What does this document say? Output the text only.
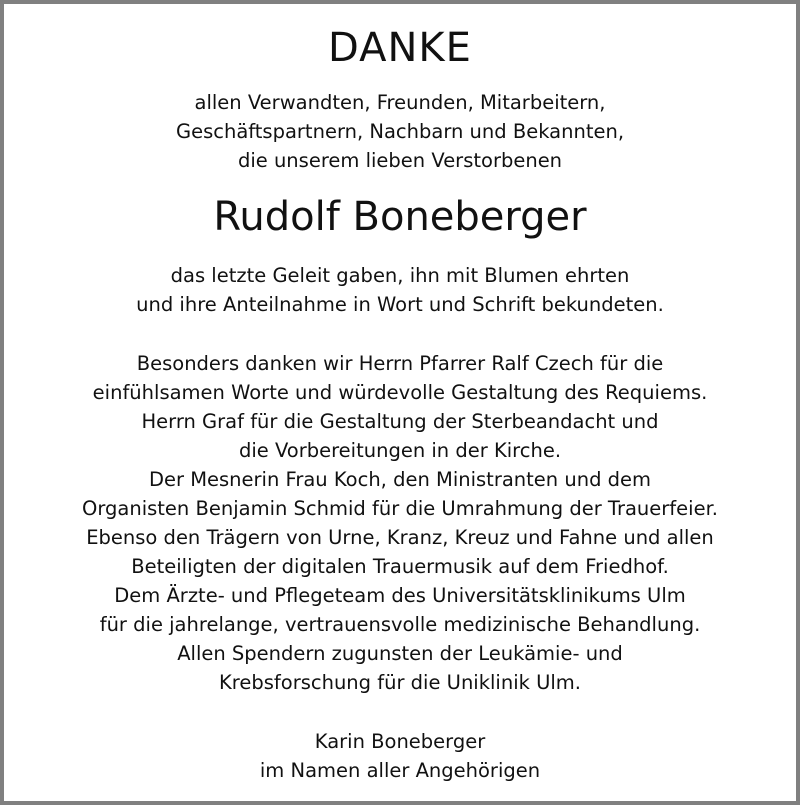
DANKE

allen Verwandten, Freunden, Mitarbeitern,
Geschäftspartnern, Nachbarn und Bekannten,
die unserem lieben Verstorbenen

Rudolf Boneberger

das letzte Geleit gaben, ihn mit Blumen ehrten
und ihre Anteilnahme in Wort und Schrift bekundeten.

Besonders danken wir Herrn Pfarrer Ralf Czech für die
einfühlsamen Worte und würdevolle Gestaltung des Requiems.
Herrn Graf für die Gestaltung der Sterbeandacht und
die Vorbereitungen in der Kirche.
Der Mesnerin Frau Koch, den Ministranten und dem
Organisten Benjamin Schmid für die Umrahmung der Trauerfeier.
Ebenso den Trägern von Urne, Kranz, Kreuz und Fahne und allen
Beteiligten der digitalen Trauermusik auf dem Friedhof.
Dem Ärzte- und Pflegeteam des Universitätsklinikums Ulm
für die jahrelange, vertrauensvolle medizinische Behandlung.
Allen Spendern zugunsten der Leukämie- und
Krebsforschung für die Uniklinik Ulm.

Karin Boneberger
im Namen aller Angehörigen
